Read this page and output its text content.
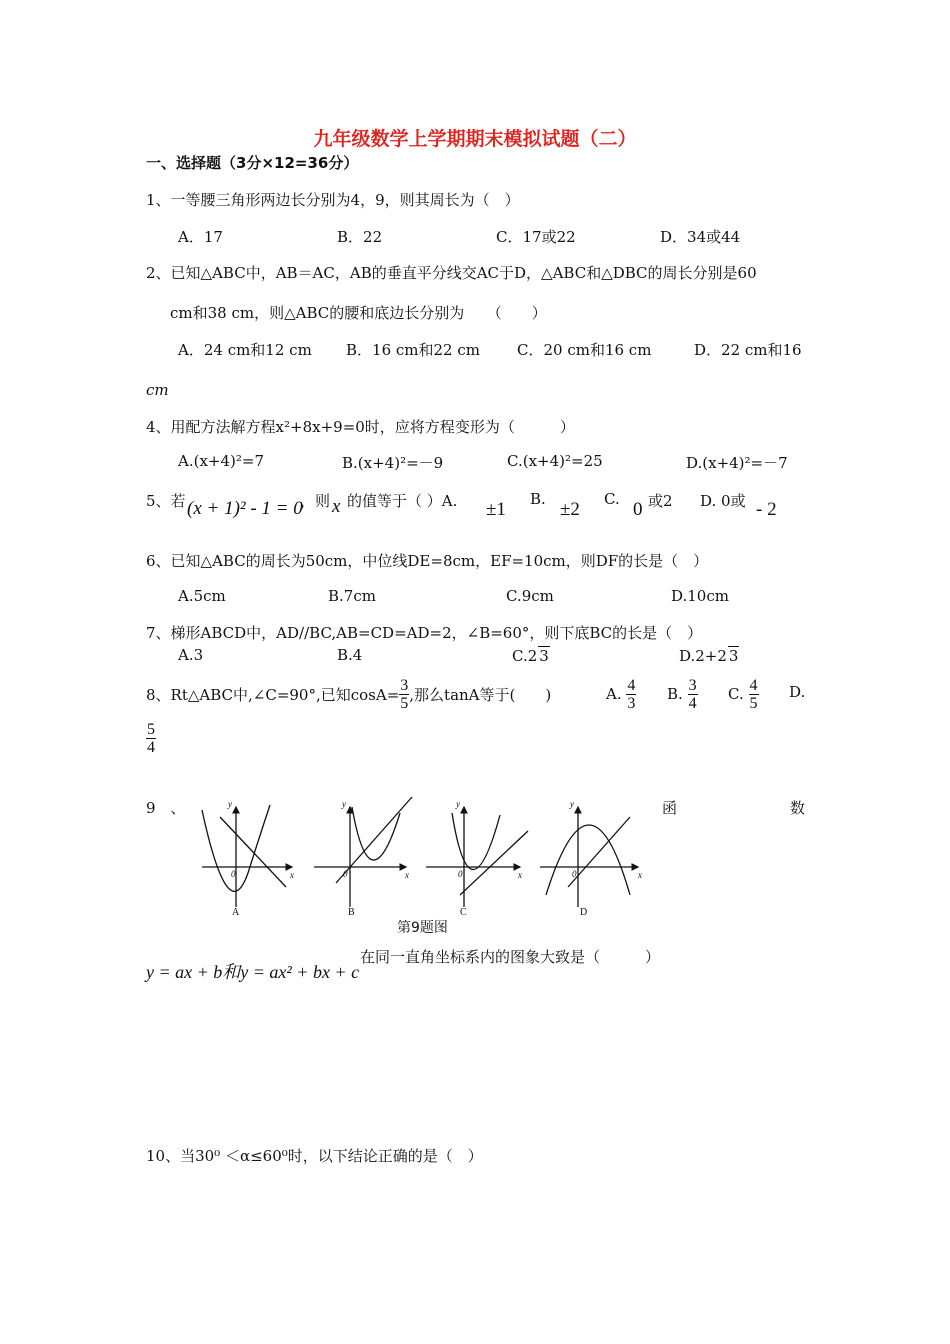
九年级数学上学期期末模拟试题（二）
一、选择题（3分×12=36分）
1、一等腰三角形两边长分别为4，9，则其周长为（　）
A．17	B．22	C．17或22	D．34或44
2、已知△ABC中，AB＝AC，AB的垂直平分线交AC于D，△ABC和△DBC的周长分别是60
cm和38 cm，则△ABC的腰和底边长分别为　　（　　）
A．24 cm和12 cm B．16 cm和22 cm C．20 cm和16 cm	D．22 cm和16
cm
4、用配方法解方程x²+8x+9=0时，应将方程变形为（　　　）
A.(x+4)²=7	B.(x+4)²=－9	C.(x+4)²=25	D.(x+4)²=－7
5、若 (x + 1)² - 1 = 0
，则 x 的值等于（ ）A. ±1 B. ±2 C. 0 或2 D. 0或 - 2
6、已知△ABC的周长为50cm，中位线DE=8cm，EF=10cm，则DF的长是（　）
A.5cm	B.7cm	C.9cm	D.10cm
7、梯形ABCD中，AD//BC,AB=CD=AD=2，∠B=60°，则下底BC的长是（　）
A.3	B.4	C.2 3	D.2+2 3
8、Rt△ABC中,∠C=90°,已知$\cos A= \frac{3}{5}$ ,那么tanA等于(　　)	A.
$\frac{4}{3} B$.
$\frac{3}{4} C$.
$\frac{4}{5} D$.
$\frac{5}{4}$
9　、	函	数
y
x
0
y
x
0
y
x
0
y
x
0
A	B	C	D
第9题图
y = ax + b和y = ax² + bx + c
在同一直角坐标系内的图象大致是（　　　）
10、当30⁰ ＜α≤60⁰时，以下结论正确的是（　）
